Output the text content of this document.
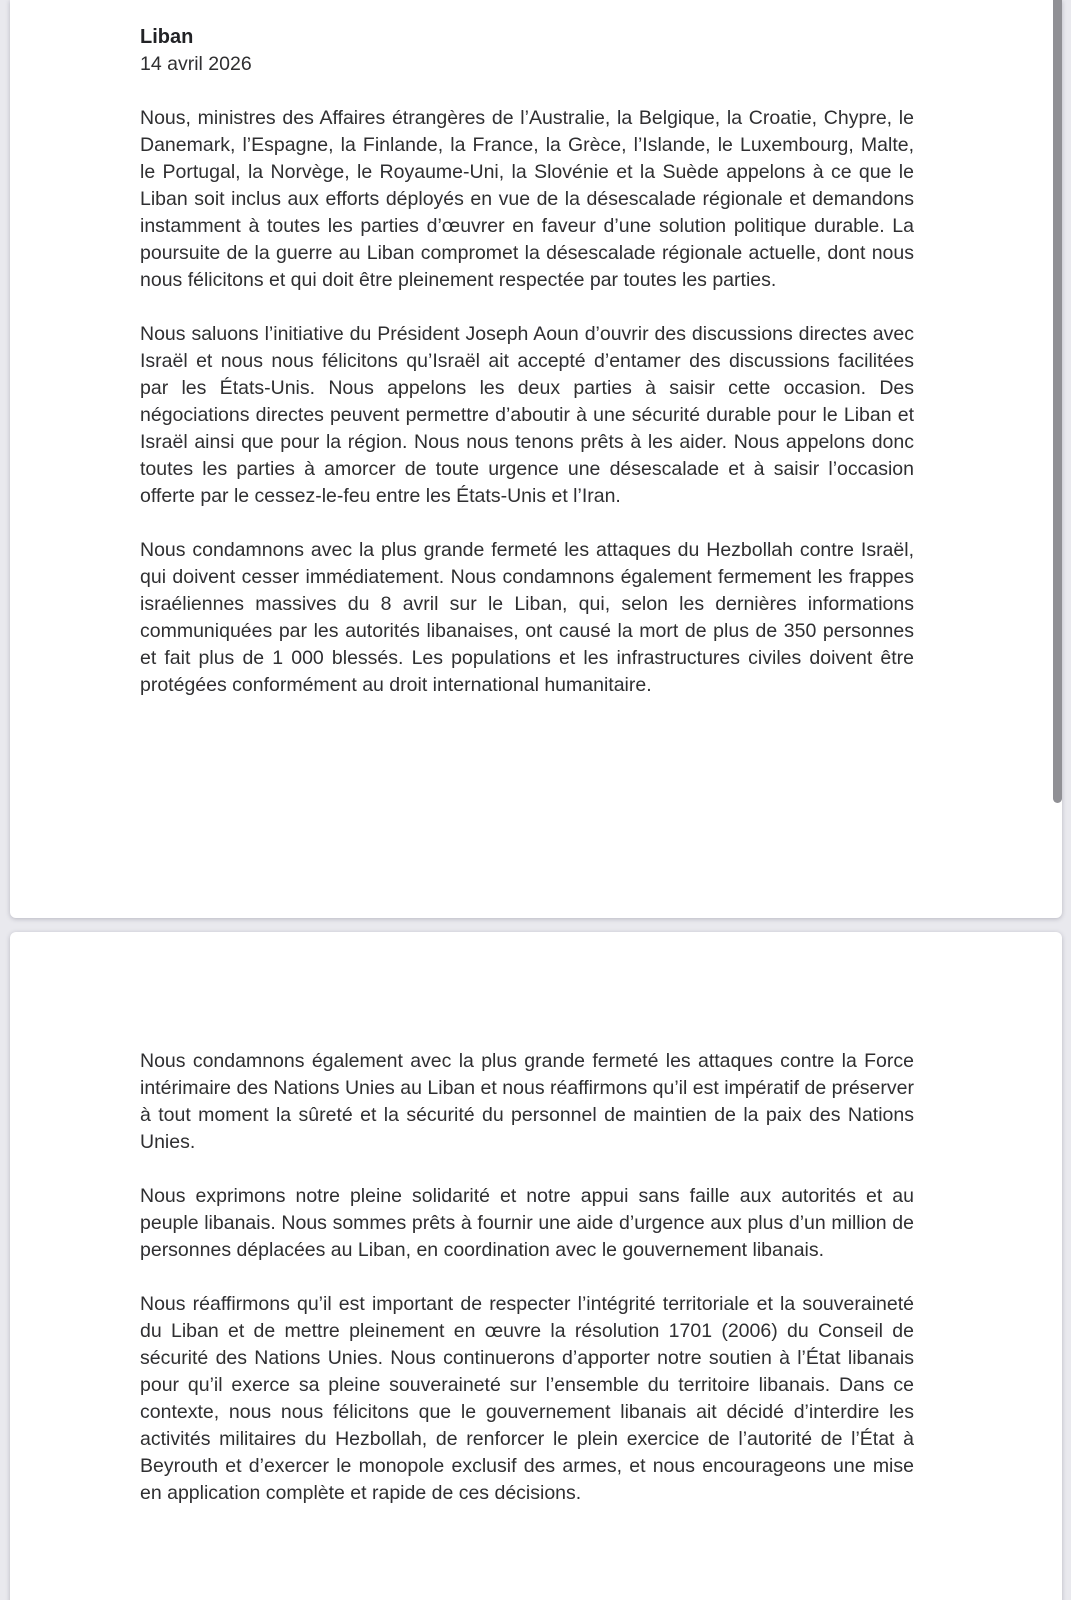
Liban
14 avril 2026

Nous, ministres des Affaires étrangères de l’Australie, la Belgique, la Croatie, Chypre, le Danemark, l’Espagne, la Finlande, la France, la Grèce, l’Islande, le Luxembourg, Malte, le Portugal, la Norvège, le Royaume-Uni, la Slovénie et la Suède appelons à ce que le Liban soit inclus aux efforts déployés en vue de la désescalade régionale et demandons instamment à toutes les parties d’œuvrer en faveur d’une solution politique durable. La poursuite de la guerre au Liban compromet la désescalade régionale actuelle, dont nous nous félicitons et qui doit être pleinement respectée par toutes les parties.

Nous saluons l’initiative du Président Joseph Aoun d’ouvrir des discussions directes avec Israël et nous nous félicitons qu’Israël ait accepté d’entamer des discussions facilitées par les États-Unis. Nous appelons les deux parties à saisir cette occasion. Des négociations directes peuvent permettre d’aboutir à une sécurité durable pour le Liban et Israël ainsi que pour la région. Nous nous tenons prêts à les aider. Nous appelons donc toutes les parties à amorcer de toute urgence une désescalade et à saisir l’occasion offerte par le cessez-le-feu entre les États-Unis et l’Iran.

Nous condamnons avec la plus grande fermeté les attaques du Hezbollah contre Israël, qui doivent cesser immédiatement. Nous condamnons également fermement les frappes israéliennes massives du 8 avril sur le Liban, qui, selon les dernières informations communiquées par les autorités libanaises, ont causé la mort de plus de 350 personnes et fait plus de 1 000 blessés. Les populations et les infrastructures civiles doivent être protégées conformément au droit international humanitaire.

Nous condamnons également avec la plus grande fermeté les attaques contre la Force intérimaire des Nations Unies au Liban et nous réaffirmons qu’il est impératif de préserver à tout moment la sûreté et la sécurité du personnel de maintien de la paix des Nations Unies.

Nous exprimons notre pleine solidarité et notre appui sans faille aux autorités et au peuple libanais. Nous sommes prêts à fournir une aide d’urgence aux plus d’un million de personnes déplacées au Liban, en coordination avec le gouvernement libanais.

Nous réaffirmons qu’il est important de respecter l’intégrité territoriale et la souveraineté du Liban et de mettre pleinement en œuvre la résolution 1701 (2006) du Conseil de sécurité des Nations Unies. Nous continuerons d’apporter notre soutien à l’État libanais pour qu’il exerce sa pleine souveraineté sur l’ensemble du territoire libanais. Dans ce contexte, nous nous félicitons que le gouvernement libanais ait décidé d’interdire les activités militaires du Hezbollah, de renforcer le plein exercice de l’autorité de l’État à Beyrouth et d’exercer le monopole exclusif des armes, et nous encourageons une mise en application complète et rapide de ces décisions.
